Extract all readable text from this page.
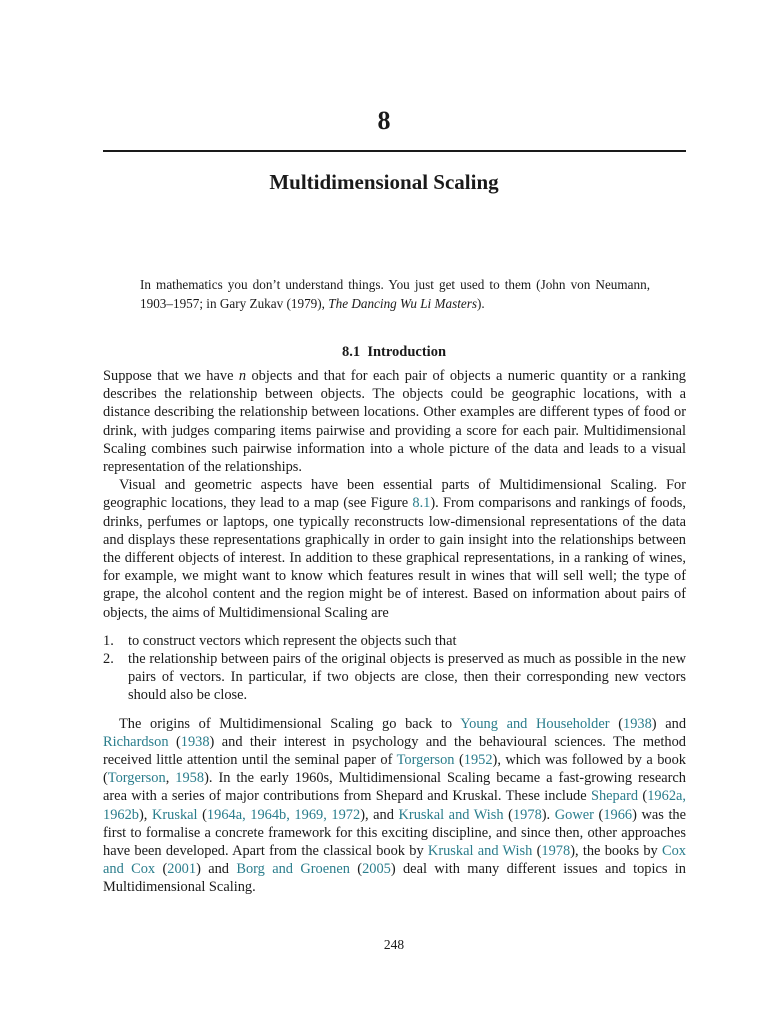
8
Multidimensional Scaling
In mathematics you don’t understand things. You just get used to them (John von Neumann, 1903–1957; in Gary Zukav (1979), The Dancing Wu Li Masters).
8.1 Introduction

Suppose that we have n objects and that for each pair of objects a numeric quantity or a ranking describes the relationship between objects. The objects could be geographic locations, with a distance describing the relationship between locations. Other examples are different types of food or drink, with judges comparing items pairwise and providing a score for each pair. Multidimensional Scaling combines such pairwise information into a whole picture of the data and leads to a visual representation of the relationships.

Visual and geometric aspects have been essential parts of Multidimensional Scaling. For geographic locations, they lead to a map (see Figure 8.1). From comparisons and rankings of foods, drinks, perfumes or laptops, one typically reconstructs low-dimensional representations of the data and displays these representations graphically in order to gain insight into the relationships between the different objects of interest. In addition to these graphical representations, in a ranking of wines, for example, we might want to know which features result in wines that will sell well; the type of grape, the alcohol content and the region might be of interest. Based on information about pairs of objects, the aims of Multidimensional Scaling are

1. to construct vectors which represent the objects such that
2. the relationship between pairs of the original objects is preserved as much as possible in the new pairs of vectors. In particular, if two objects are close, then their corresponding new vectors should also be close.

The origins of Multidimensional Scaling go back to Young and Householder (1938) and Richardson (1938) and their interest in psychology and the behavioural sciences. The method received little attention until the seminal paper of Torgerson (1952), which was followed by a book (Torgerson, 1958). In the early 1960s, Multidimensional Scaling became a fast-growing research area with a series of major contributions from Shepard and Kruskal. These include Shepard (1962a, 1962b), Kruskal (1964a, 1964b, 1969, 1972), and Kruskal and Wish (1978). Gower (1966) was the first to formalise a concrete framework for this exciting discipline, and since then, other approaches have been developed. Apart from the classical book by Kruskal and Wish (1978), the books by Cox and Cox (2001) and Borg and Groenen (2005) deal with many different issues and topics in Multidimensional Scaling.

248
